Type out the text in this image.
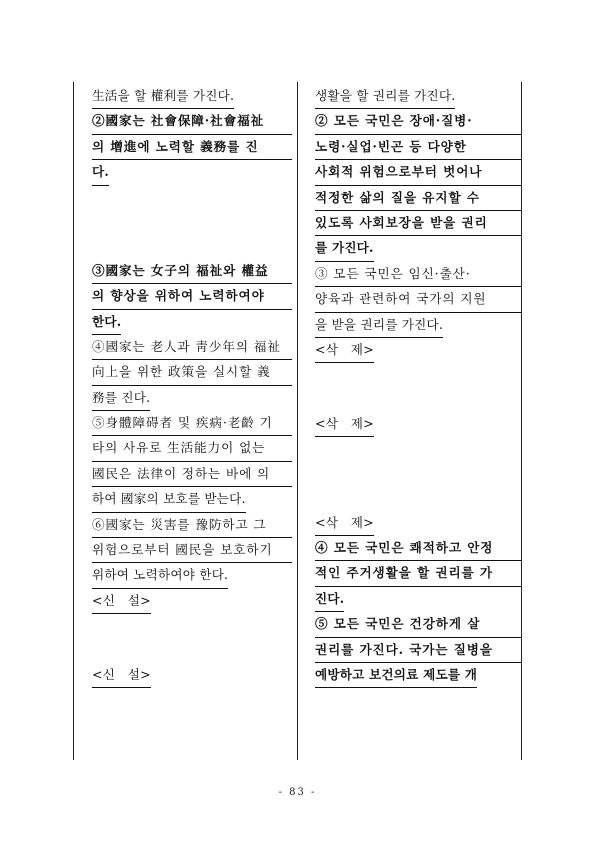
生活을 할 權利를 가진다.
②國家는 社會保障·社會福祉
의 增進에 노력할 義務를 진
다.
③國家는 女子의 福祉와 權益
의 향상을 위하여 노력하여야
한다.
④國家는 老人과 靑少年의 福祉
向上을 위한 政策을 실시할 義
務를 진다.
⑤身體障碍者 및 疾病·老齡 기
타의 사유로 生活能力이 없는
國民은 法律이 정하는 바에 의
하여 國家의 보호를 받는다.
⑥國家는 災害를 豫防하고 그
위험으로부터 國民을 보호하기
위하여 노력하여야 한다.
<신   설>
<신   설>
생활을 할 권리를 가진다.
② 모든 국민은 장애·질병·
노령·실업·빈곤 등 다양한
사회적 위험으로부터 벗어나
적정한 삶의 질을 유지할 수
있도록 사회보장을 받을 권리
를 가진다.
③ 모든 국민은 임신·출산·
양육과 관련하여 국가의 지원
을 받을 권리를 가진다.
<삭   제>
<삭   제>
<삭   제>
④ 모든 국민은 쾌적하고 안정
적인 주거생활을 할 권리를 가
진다.
⑤ 모든 국민은 건강하게 살
권리를 가진다. 국가는 질병을
예방하고 보건의료 제도를 개
- 83 -
